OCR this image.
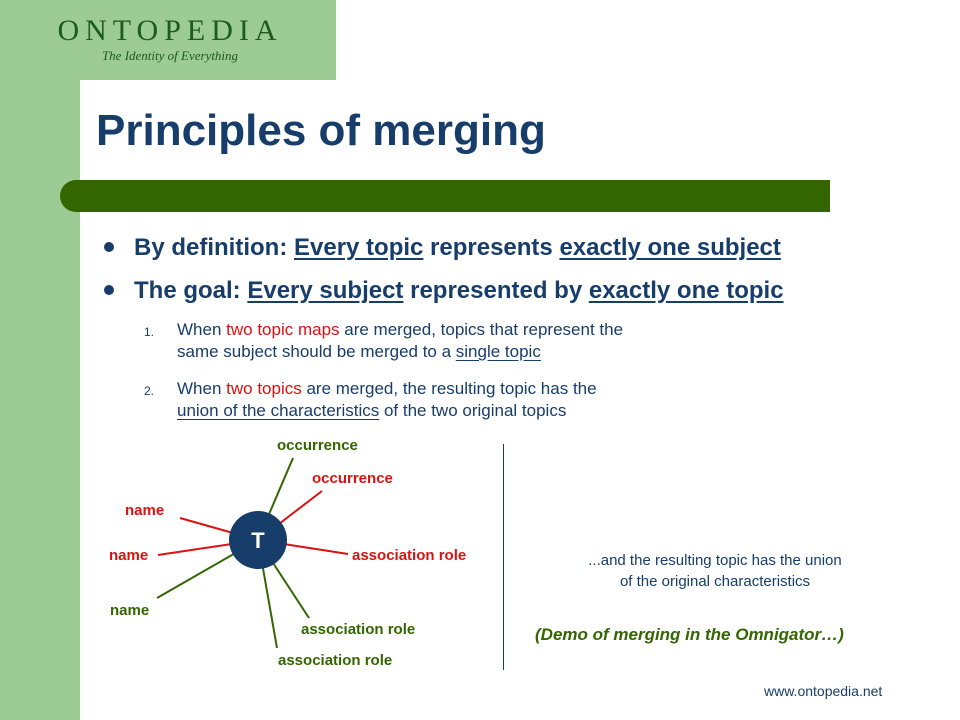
ONTOPEDIA
The Identity of Everything
Principles of merging
By definition: Every topic represents exactly one subject
The goal: Every subject represented by exactly one topic
1. When two topic maps are merged, topics that represent the
same subject should be merged to a single topic
2. When two topics are merged, the resulting topic has the
union of the characteristics of the two original topics
T
occurrence
occurrence
name
name	association role
name
association role
association role
...and the resulting topic has the union
of the original characteristics
(Demo of merging in the Omnigator…)
www.ontopedia.net
